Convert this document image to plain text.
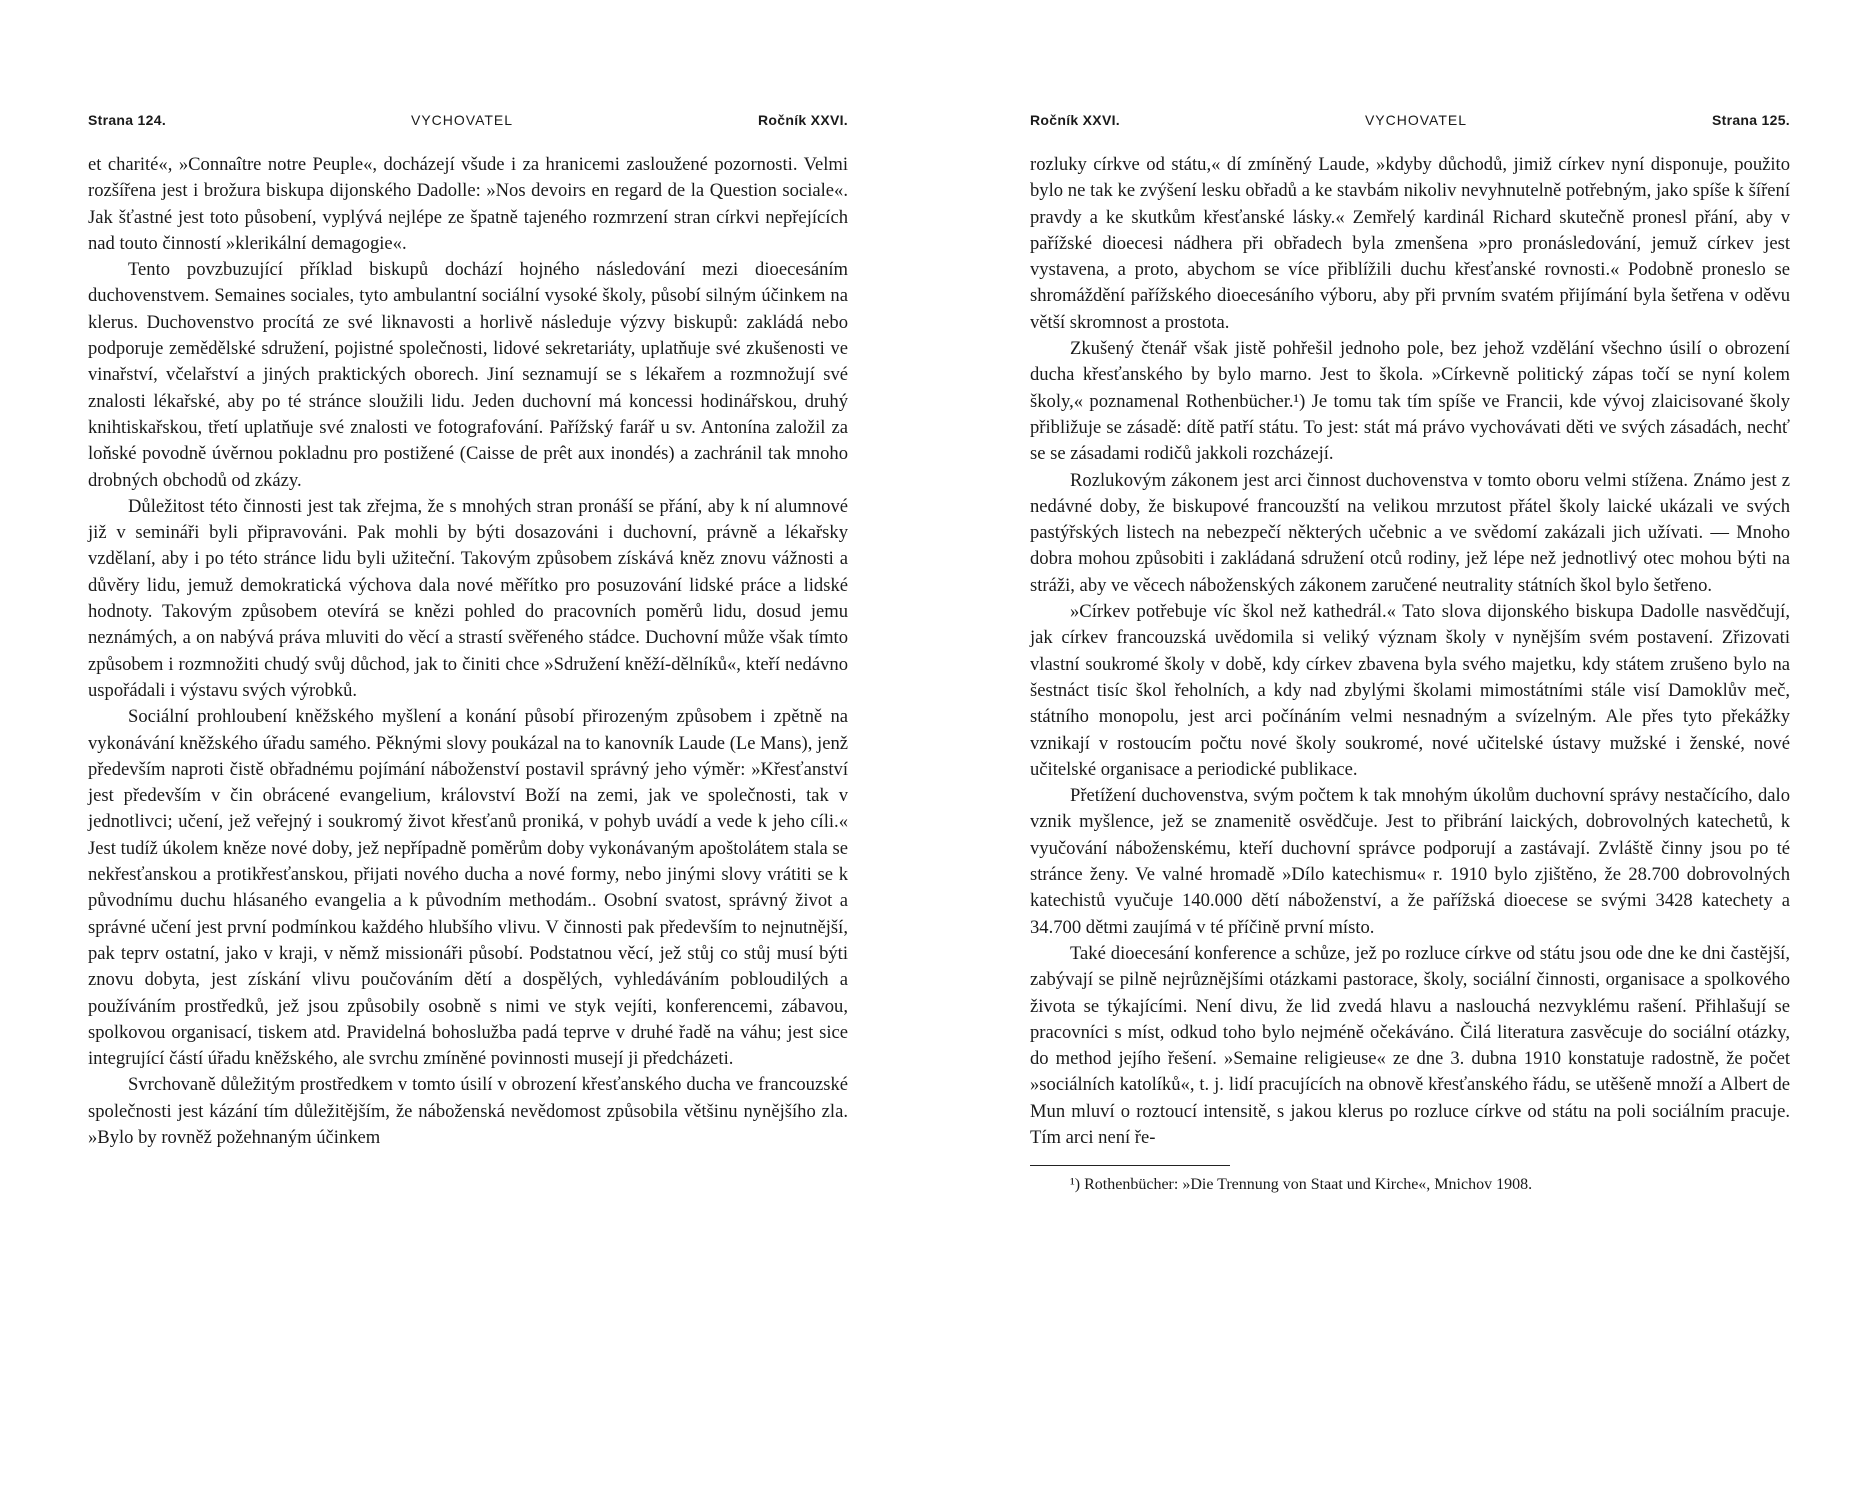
Strana 124.	VYCHOVATEL	Ročník XXVI.

et charité«, »Connaître notre Peuple«, docházejí všude i za hranicemi zasloužené pozornosti. Velmi rozšířena jest i brožura biskupa dijonského Dadolle: »Nos devoirs en regard de la Question sociale«. Jak šťastné jest toto působení, vyplývá nejlépe ze špatně tajeného rozmrzení stran církvi nepřejících nad touto činností »klerikální demagogie«.

Tento povzbuzující příklad biskupů dochází hojného následování mezi dioecesáním duchovenstvem. Semaines sociales, tyto ambulantní sociální vysoké školy, působí silným účinkem na klerus. Duchovenstvo procítá ze své liknavosti a horlivě následuje výzvy biskupů: zakládá nebo podporuje zemědělské sdružení, pojistné společnosti, lidové sekretariáty, uplatňuje své zkušenosti ve vinařství, včelařství a jiných praktických oborech. Jiní seznamují se s lékařem a rozmnožují své znalosti lékařské, aby po té stránce sloužili lidu. Jeden duchovní má koncessi hodinářskou, druhý knihtiskařskou, třetí uplatňuje své znalosti ve fotografování. Pařížský farář u sv. Antonína založil za loňské povodně úvěrnou pokladnu pro postižené (Caisse de prêt aux inondés) a zachránil tak mnoho drobných obchodů od zkázy.

Důležitost této činnosti jest tak zřejma, že s mnohých stran pronáší se přání, aby k ní alumnové již v semináři byli připravováni. Pak mohli by býti dosazováni i duchovní, právně a lékařsky vzdělaní, aby i po této stránce lidu byli užiteční. Takovým způsobem získává kněz znovu vážnosti a důvěry lidu, jemuž demokratická výchova dala nové měřítko pro posuzování lidské práce a lidské hodnoty. Takovým způsobem otevírá se knězi pohled do pracovních poměrů lidu, dosud jemu neznámých, a on nabývá práva mluviti do věcí a strastí svěřeného stádce. Duchovní může však tímto způsobem i rozmnožiti chudý svůj důchod, jak to činiti chce »Sdružení kněží-dělníků«, kteří nedávno uspořádali i výstavu svých výrobků.

Sociální prohloubení kněžského myšlení a konání působí přirozeným způsobem i zpětně na vykonávání kněžského úřadu samého. Pěknými slovy poukázal na to kanovník Laude (Le Mans), jenž především naproti čistě obřadnému pojímání náboženství postavil správný jeho výměr: »Křesťanství jest především v čin obrácené evangelium, království Boží na zemi, jak ve společnosti, tak v jednotlivci; učení, jež veřejný i soukromý život křesťanů proniká, v pohyb uvádí a vede k jeho cíli.« Jest tudíž úkolem kněze nové doby, jež nepřípadně poměrům doby vykonávaným apoštolátem stala se nekřesťanskou a protikřesťanskou, přijati nového ducha a nové formy, nebo jinými slovy vrátiti se k původnímu duchu hlásaného evangelia a k původním methodám.. Osobní svatost, správný život a správné učení jest první podmínkou každého hlubšího vlivu. V činnosti pak především to nejnutnější, pak teprv ostatní, jako v kraji, v němž missionáři působí. Podstatnou věcí, jež stůj co stůj musí býti znovu dobyta, jest získání vlivu poučováním dětí a dospělých, vyhledáváním pobloudilých a používáním prostředků, jež jsou způsobily osobně s nimi ve styk vejíti, konferencemi, zábavou, spolkovou organisací, tiskem atd. Pravidelná bohoslužba padá teprve v druhé řadě na váhu; jest sice integrující částí úřadu kněžského, ale svrchu zmíněné povinnosti musejí ji předcházeti.

Svrchovaně důležitým prostředkem v tomto úsilí v obrození křesťanského ducha ve francouzské společnosti jest kázání tím důležitějším, že náboženská nevědomost způsobila většinu nynějšího zla. »Bylo by rovněž požehnaným účinkem

Ročník XXVI.	VYCHOVATEL	Strana 125.

rozluky církve od státu,« dí zmíněný Laude, »kdyby důchodů, jimiž církev nyní disponuje, použito bylo ne tak ke zvýšení lesku obřadů a ke stavbám nikoliv nevyhnutelně potřebným, jako spíše k šíření pravdy a ke skutkům křesťanské lásky.« Zemřelý kardinál Richard skutečně pronesl přání, aby v pařížské dioecesi nádhera při obřadech byla zmenšena »pro pronásledování, jemuž církev jest vystavena, a proto, abychom se více přiblížili duchu křesťanské rovnosti.« Podobně proneslo se shromáždění pařížského dioecesáního výboru, aby při prvním svatém přijímání byla šetřena v oděvu větší skromnost a prostota.

Zkušený čtenář však jistě pohřešil jednoho pole, bez jehož vzdělání všechno úsilí o obrození ducha křesťanského by bylo marno. Jest to škola. »Církevně politický zápas točí se nyní kolem školy,« poznamenal Rothenbücher.¹) Je tomu tak tím spíše ve Francii, kde vývoj zlaicisované školy přibližuje se zásadě: dítě patří státu. To jest: stát má právo vychovávati děti ve svých zásadách, nechť se se zásadami rodičů jakkoli rozcházejí.

Rozlukovým zákonem jest arci činnost duchovenstva v tomto oboru velmi stížena. Známo jest z nedávné doby, že biskupové francouzští na velikou mrzutost přátel školy laické ukázali ve svých pastýřských listech na nebezpečí některých učebnic a ve svědomí zakázali jich užívati. — Mnoho dobra mohou způsobiti i zakládaná sdružení otců rodiny, jež lépe než jednotlivý otec mohou býti na stráži, aby ve věcech náboženských zákonem zaručené neutrality státních škol bylo šetřeno.

»Církev potřebuje víc škol než kathedrál.« Tato slova dijonského biskupa Dadolle nasvědčují, jak církev francouzská uvědomila si veliký význam školy v nynějším svém postavení. Zřizovati vlastní soukromé školy v době, kdy církev zbavena byla svého majetku, kdy státem zrušeno bylo na šestnáct tisíc škol řeholních, a kdy nad zbylými školami mimostátními stále visí Damoklův meč, státního monopolu, jest arci počínáním velmi nesnadným a svízelným. Ale přes tyto překážky vznikají v rostoucím počtu nové školy soukromé, nové učitelské ústavy mužské i ženské, nové učitelské organisace a periodické publikace.

Přetížení duchovenstva, svým počtem k tak mnohým úkolům duchovní správy nestačícího, dalo vznik myšlence, jež se znamenitě osvědčuje. Jest to přibrání laických, dobrovolných katechetů, k vyučování náboženskému, kteří duchovní správce podporují a zastávají. Zvláště činny jsou po té stránce ženy. Ve valné hromadě »Dílo katechismu« r. 1910 bylo zjištěno, že 28.700 dobrovolných katechistů vyučuje 140.000 dětí náboženství, a že pařížská dioecese se svými 3428 katechety a 34.700 dětmi zaujímá v té příčině první místo.

Také dioecesání konference a schůze, jež po rozluce církve od státu jsou ode dne ke dni častější, zabývají se pilně nejrůznějšími otázkami pastorace, školy, sociální činnosti, organisace a spolkového života se týkajícími. Není divu, že lid zvedá hlavu a naslouchá nezvyklému rašení. Přihlašují se pracovníci s míst, odkud toho bylo nejméně očekáváno. Čilá literatura zasvěcuje do sociální otázky, do method jejího řešení. »Semaine religieuse« ze dne 3. dubna 1910 konstatuje radostně, že počet »sociálních katolíků«, t. j. lidí pracujících na obnově křesťanského řádu, se utěšeně množí a Albert de Mun mluví o roztoucí intensitě, s jakou klerus po rozluce církve od státu na poli sociálním pracuje. Tím arci není ře-

¹) Rothenbücher: »Die Trennung von Staat und Kirche«, Mnichov 1908.
